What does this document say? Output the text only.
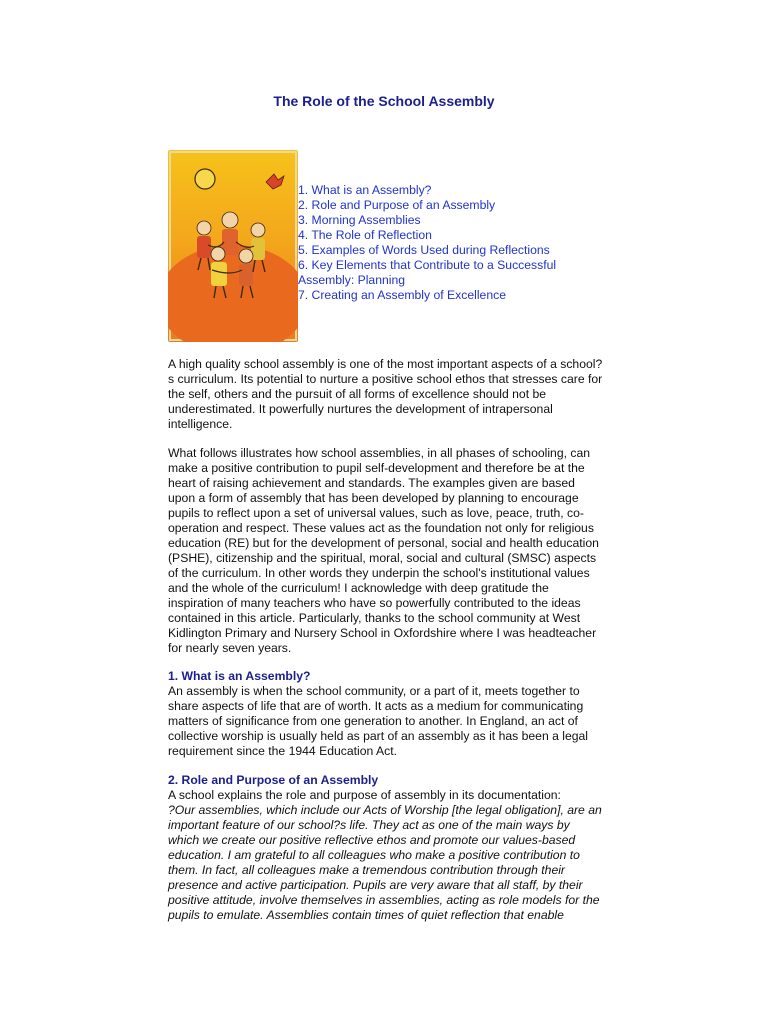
The Role of the School Assembly
1. What is an Assembly?
2. Role and Purpose of an Assembly
3. Morning Assemblies
4. The Role of Reflection
5. Examples of Words Used during Reflections
6. Key Elements that Contribute to a Successful Assembly: Planning
7. Creating an Assembly of Excellence

A high quality school assembly is one of the most important aspects of a school?s curriculum. Its potential to nurture a positive school ethos that stresses care for the self, others and the pursuit of all forms of excellence should not be underestimated. It powerfully nurtures the development of intrapersonal intelligence.

What follows illustrates how school assemblies, in all phases of schooling, can make a positive contribution to pupil self-development and therefore be at the heart of raising achievement and standards. The examples given are based upon a form of assembly that has been developed by planning to encourage pupils to reflect upon a set of universal values, such as love, peace, truth, co-operation and respect. These values act as the foundation not only for religious education (RE) but for the development of personal, social and health education (PSHE), citizenship and the spiritual, moral, social and cultural (SMSC) aspects of the curriculum. In other words they underpin the school's institutional values and the whole of the curriculum! I acknowledge with deep gratitude the inspiration of many teachers who have so powerfully contributed to the ideas contained in this article. Particularly, thanks to the school community at West Kidlington Primary and Nursery School in Oxfordshire where I was headteacher for nearly seven years.

1. What is an Assembly?

An assembly is when the school community, or a part of it, meets together to share aspects of life that are of worth. It acts as a medium for communicating matters of significance from one generation to another. In England, an act of collective worship is usually held as part of an assembly as it has been a legal requirement since the 1944 Education Act.

2. Role and Purpose of an Assembly

A school explains the role and purpose of assembly in its documentation:

?Our assemblies, which include our Acts of Worship [the legal obligation], are an important feature of our school?s life. They act as one of the main ways by which we create our positive reflective ethos and promote our values-based education. I am grateful to all colleagues who make a positive contribution to them. In fact, all colleagues make a tremendous contribution through their presence and active participation. Pupils are very aware that all staff, by their positive attitude, involve themselves in assemblies, acting as role models for the pupils to emulate. Assemblies contain times of quiet reflection that enable
